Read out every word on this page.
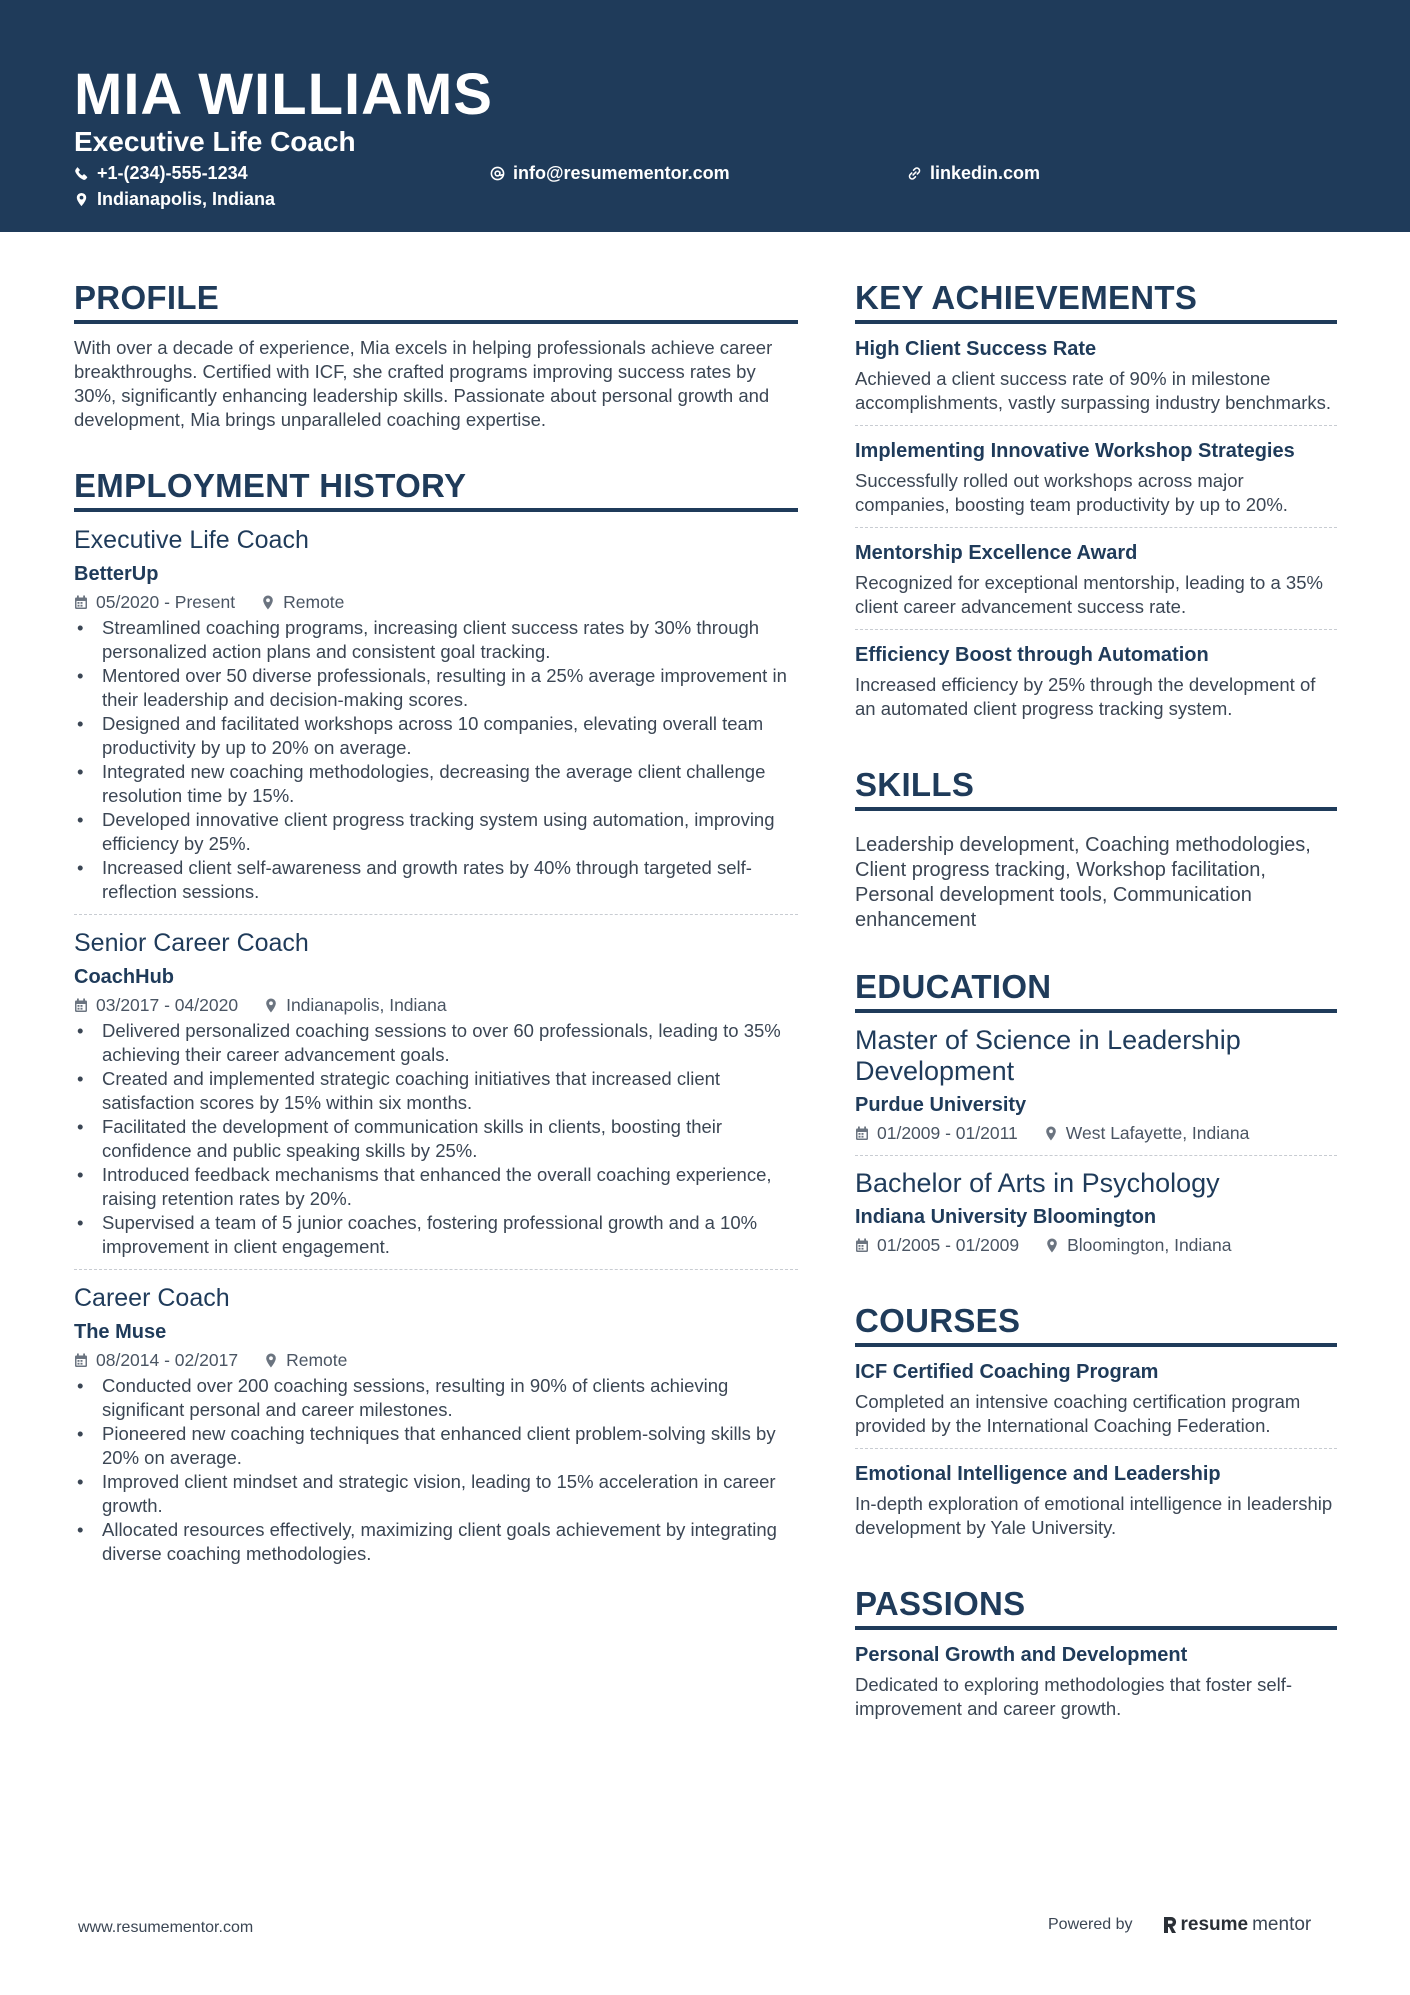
MIA WILLIAMS
Executive Life Coach
+1-(234)-555-1234	info@resumementor.com	linkedin.com
Indianapolis, Indiana
PROFILE
With over a decade of experience, Mia excels in helping professionals achieve career breakthroughs. Certified with ICF, she crafted programs improving success rates by 30%, significantly enhancing leadership skills. Passionate about personal growth and development, Mia brings unparalleled coaching expertise.
EMPLOYMENT HISTORY
Executive Life Coach
BetterUp
05/2020 - Present	Remote
• Streamlined coaching programs, increasing client success rates by 30% through personalized action plans and consistent goal tracking.
• Mentored over 50 diverse professionals, resulting in a 25% average improvement in their leadership and decision-making scores.
• Designed and facilitated workshops across 10 companies, elevating overall team productivity by up to 20% on average.
• Integrated new coaching methodologies, decreasing the average client challenge resolution time by 15%.
• Developed innovative client progress tracking system using automation, improving efficiency by 25%.
• Increased client self-awareness and growth rates by 40% through targeted self-reflection sessions.
Senior Career Coach
CoachHub
03/2017 - 04/2020	Indianapolis, Indiana
• Delivered personalized coaching sessions to over 60 professionals, leading to 35% achieving their career advancement goals.
• Created and implemented strategic coaching initiatives that increased client satisfaction scores by 15% within six months.
• Facilitated the development of communication skills in clients, boosting their confidence and public speaking skills by 25%.
• Introduced feedback mechanisms that enhanced the overall coaching experience, raising retention rates by 20%.
• Supervised a team of 5 junior coaches, fostering professional growth and a 10% improvement in client engagement.
Career Coach
The Muse
08/2014 - 02/2017	Remote
• Conducted over 200 coaching sessions, resulting in 90% of clients achieving significant personal and career milestones.
• Pioneered new coaching techniques that enhanced client problem-solving skills by 20% on average.
• Improved client mindset and strategic vision, leading to 15% acceleration in career growth.
• Allocated resources effectively, maximizing client goals achievement by integrating diverse coaching methodologies.
KEY ACHIEVEMENTS
High Client Success Rate
Achieved a client success rate of 90% in milestone accomplishments, vastly surpassing industry benchmarks.
Implementing Innovative Workshop Strategies
Successfully rolled out workshops across major companies, boosting team productivity by up to 20%.
Mentorship Excellence Award
Recognized for exceptional mentorship, leading to a 35% client career advancement success rate.
Efficiency Boost through Automation
Increased efficiency by 25% through the development of an automated client progress tracking system.
SKILLS
Leadership development, Coaching methodologies, Client progress tracking, Workshop facilitation, Personal development tools, Communication enhancement
EDUCATION
Master of Science in Leadership Development
Purdue University
01/2009 - 01/2011	West Lafayette, Indiana
Bachelor of Arts in Psychology
Indiana University Bloomington
01/2005 - 01/2009	Bloomington, Indiana
COURSES
ICF Certified Coaching Program
Completed an intensive coaching certification program provided by the International Coaching Federation.
Emotional Intelligence and Leadership
In-depth exploration of emotional intelligence in leadership development by Yale University.
PASSIONS
Personal Growth and Development
Dedicated to exploring methodologies that foster self-improvement and career growth.
www.resumementor.com	Powered by	resume mentor
